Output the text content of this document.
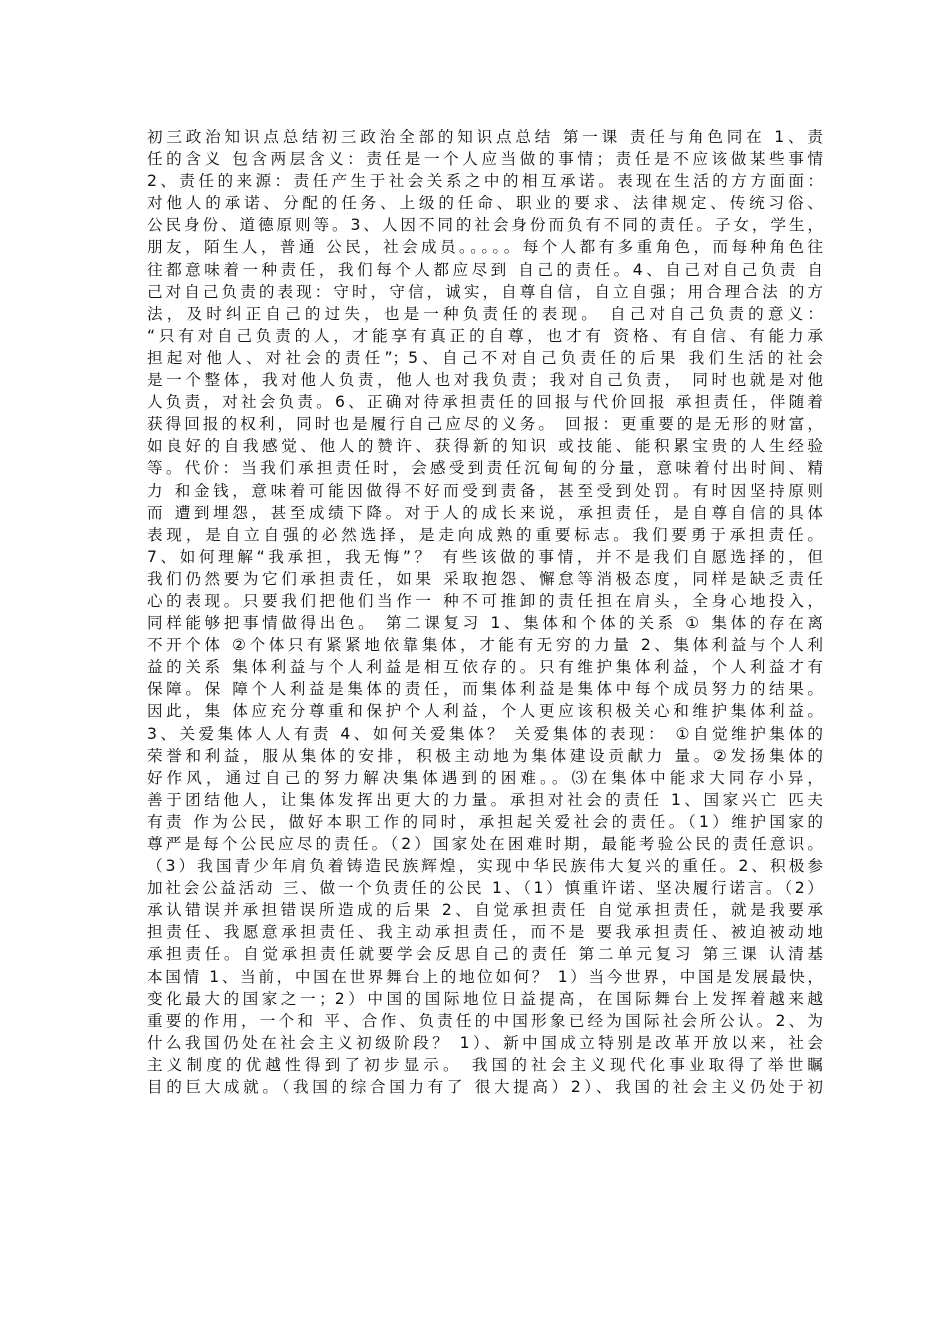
初三政治知识点总结初三政治全部的知识点总结 第一课 责任与角色同在 1、责
任的含义 包含两层含义：责任是一个人应当做的事情；责任是不应该做某些事情
2、责任的来源：责任产生于社会关系之中的相互承诺。表现在生活的方方面面：
对他人的承诺、分配的任务、上级的任命、职业的要求、法律规定、传统习俗、
公民身份、道德原则等。3、人因不同的社会身份而负有不同的责任。子女，学生，
朋友，陌生人，普通 公民，社会成员。。。。。每个人都有多重角色，而每种角色往
往都意味着一种责任，我们每个人都应尽到 自己的责任。4、自己对自己负责 自
己对自己负责的表现：守时，守信，诚实，自尊自信，自立自强；用合理合法 的方
法，及时纠正自己的过失，也是一种负责任的表现。 自己对自己负责的意义：
“只有对自己负责的人，才能享有真正的自尊，也才有 资格、有自信、有能力承
担起对他人、对社会的责任”；5、自己不对自己负责任的后果 我们生活的社会
是一个整体，我对他人负责，他人也对我负责；我对自己负责， 同时也就是对他
人负责，对社会负责。6、正确对待承担责任的回报与代价回报 承担责任，伴随着
获得回报的权利，同时也是履行自己应尽的义务。 回报：更重要的是无形的财富，
如良好的自我感觉、他人的赞许、获得新的知识 或技能、能积累宝贵的人生经验
等。代价：当我们承担责任时，会感受到责任沉甸甸的分量，意味着付出时间、精
力 和金钱，意味着可能因做得不好而受到责备，甚至受到处罚。有时因坚持原则
而 遭到埋怨，甚至成绩下降。对于人的成长来说，承担责任，是自尊自信的具体
表现，是自立自强的必然选择，是走向成熟的重要标志。我们要勇于承担责任。
7、如何理解“我承担，我无悔”？ 有些该做的事情，并不是我们自愿选择的，但
我们仍然要为它们承担责任，如果 采取抱怨、懈怠等消极态度，同样是缺乏责任
心的表现。只要我们把他们当作一 种不可推卸的责任担在肩头，全身心地投入，
同样能够把事情做得出色。 第二课复习 1、集体和个体的关系 ① 集体的存在离
不开个体 ②个体只有紧紧地依靠集体，才能有无穷的力量 2、集体利益与个人利
益的关系 集体利益与个人利益是相互依存的。只有维护集体利益，个人利益才有
保障。保 障个人利益是集体的责任，而集体利益是集体中每个成员努力的结果。
因此，集 体应充分尊重和保护个人利益，个人更应该积极关心和维护集体利益。
3、关爱集体人人有责 4、如何关爱集体？ 关爱集体的表现： ①自觉维护集体的
荣誉和利益，服从集体的安排，积极主动地为集体建设贡献力 量。②发扬集体的
好作风，通过自己的努力解决集体遇到的困难。。⑶在集体中能求大同存小异，
善于团结他人，让集体发挥出更大的力量。承担对社会的责任 1、国家兴亡 匹夫
有责 作为公民，做好本职工作的同时，承担起关爱社会的责任。（1）维护国家的
尊严是每个公民应尽的责任。（2）国家处在困难时期，最能考验公民的责任意识。
（3）我国青少年肩负着铸造民族辉煌，实现中华民族伟大复兴的重任。2、积极参
加社会公益活动 三、做一个负责任的公民 1、（1）慎重许诺、坚决履行诺言。（2）
承认错误并承担错误所造成的后果 2、自觉承担责任 自觉承担责任，就是我要承
担责任、我愿意承担责任、我主动承担责任，而不是 要我承担责任、被迫被动地
承担责任。自觉承担责任就要学会反思自己的责任 第二单元复习 第三课 认清基
本国情 1、当前，中国在世界舞台上的地位如何？ 1）当今世界，中国是发展最快，
变化最大的国家之一；2）中国的国际地位日益提高，在国际舞台上发挥着越来越
重要的作用，一个和 平、合作、负责任的中国形象已经为国际社会所公认。2、为
什么我国仍处在社会主义初级阶段？ 1）、新中国成立特别是改革开放以来，社会
主义制度的优越性得到了初步显示。 我国的社会主义现代化事业取得了举世瞩
目的巨大成就。（我国的综合国力有了 很大提高）2）、我国的社会主义仍处于初
